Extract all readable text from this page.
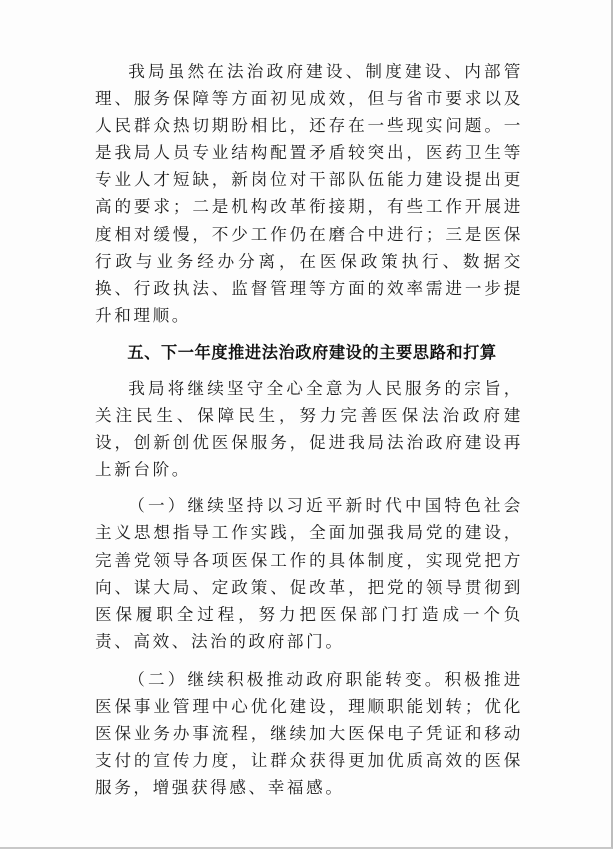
我局虽然在法治政府建设、制度建设、内部管理、服务保障等方面初见成效，但与省市要求以及人民群众热切期盼相比，还存在一些现实问题。一是我局人员专业结构配置矛盾较突出，医药卫生等专业人才短缺，新岗位对干部队伍能力建设提出更高的要求；二是机构改革衔接期，有些工作开展进度相对缓慢，不少工作仍在磨合中进行；三是医保行政与业务经办分离，在医保政策执行、数据交换、行政执法、监督管理等方面的效率需进一步提升和理顺。

五、下一年度推进法治政府建设的主要思路和打算

我局将继续坚守全心全意为人民服务的宗旨，关注民生、保障民生，努力完善医保法治政府建设，创新创优医保服务，促进我局法治政府建设再上新台阶。

（一）继续坚持以习近平新时代中国特色社会主义思想指导工作实践，全面加强我局党的建设，完善党领导各项医保工作的具体制度，实现党把方向、谋大局、定政策、促改革，把党的领导贯彻到医保履职全过程，努力把医保部门打造成一个负责、高效、法治的政府部门。

（二）继续积极推动政府职能转变。积极推进医保事业管理中心优化建设，理顺职能划转；优化医保业务办事流程，继续加大医保电子凭证和移动支付的宣传力度，让群众获得更加优质高效的医保服务，增强获得感、幸福感。
